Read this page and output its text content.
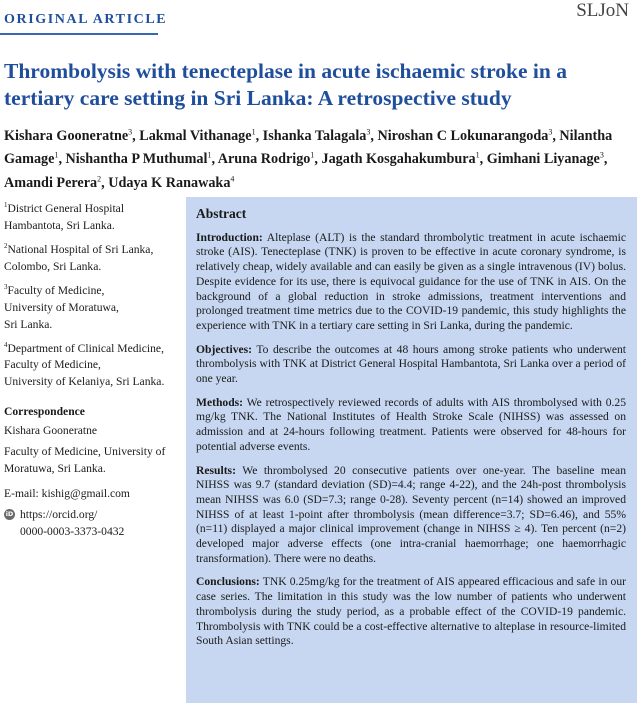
ORIGINAL ARTICLE	SLJoN
Thrombolysis with tenecteplase in acute ischaemic stroke in a tertiary care setting in Sri Lanka: A retrospective study

Kishara Gooneratne$^3$, Lakmal Vithanage$^1$, Ishanka Talagala$^3$, Niroshan C Lokunarangoda$^3$, Nilantha Gamage$^1$, Nishantha P Muthumal$^1$, Aruna Rodrigo$^1$, Jagath Kosgahakumbura$^1$, Gimhani Liyanage$^3$, Amandi Perera$^2$, Udaya K Ranawaka$^4$

$^1$District General Hospital
Hambantota, Sri Lanka.
$^2$National Hospital of Sri Lanka,
Colombo, Sri Lanka.
$^3$Faculty of Medicine,
University of Moratuwa,
Sri Lanka.
$^4$Department of Clinical Medicine,
Faculty of Medicine,
University of Kelaniya, Sri Lanka.
Correspondence
Kishara Gooneratne
Faculty of Medicine, University of Moratuwa, Sri Lanka.
E-mail: kishig@gmail.com
iD https://orcid.org/
0000-0003-3373-0432
Abstract

Introduction: Alteplase (ALT) is the standard thrombolytic treatment in acute ischaemic stroke (AIS). Tenecteplase (TNK) is proven to be effective in acute coronary syndrome, is relatively cheap, widely available and can easily be given as a single intravenous (IV) bolus. Despite evidence for its use, there is equivocal guidance for the use of TNK in AIS. On the background of a global reduction in stroke admissions, treatment interventions and prolonged treatment time metrics due to the COVID-19 pandemic, this study highlights the experience with TNK in a tertiary care setting in Sri Lanka, during the pandemic.

Objectives: To describe the outcomes at 48 hours among stroke patients who underwent thrombolysis with TNK at District General Hospital Hambantota, Sri Lanka over a period of one year.

Methods: We retrospectively reviewed records of adults with AIS thrombolysed with 0.25 mg/kg TNK. The National Institutes of Health Stroke Scale (NIHSS) was assessed on admission and at 24-hours following treatment. Patients were observed for 48-hours for potential adverse events.

Results: We thrombolysed 20 consecutive patients over one-year. The baseline mean NIHSS was 9.7 (standard deviation (SD)=4.4; range 4-22), and the 24h-post thrombolysis mean NIHSS was 6.0 (SD=7.3; range 0-28). Seventy percent (n=14) showed an improved NIHSS of at least 1-point after thrombolysis (mean difference=3.7; SD=6.46), and 55% (n=11) displayed a major clinical improvement (change in NIHSS ≥ 4). Ten percent (n=2) developed major adverse effects (one intra-cranial haemorrhage; one haemorrhagic transformation). There were no deaths.

Conclusions: TNK 0.25mg/kg for the treatment of AIS appeared efficacious and safe in our case series. The limitation in this study was the low number of patients who underwent thrombolysis during the study period, as a probable effect of the COVID-19 pandemic. Thrombolysis with TNK could be a cost-effective alternative to alteplase in resource-limited South Asian settings.
